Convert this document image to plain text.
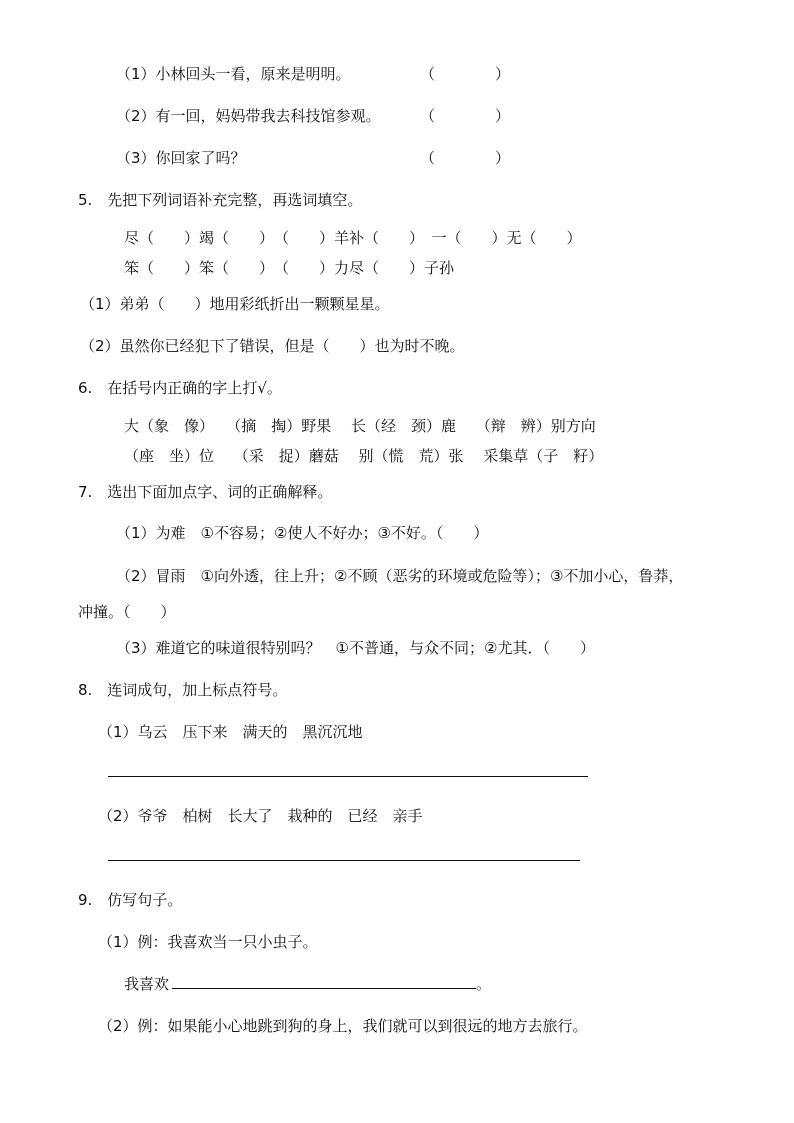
（1）小林回头一看，原来是明明。	（　　　　）
（2）有一回，妈妈带我去科技馆参观。	（　　　　）
（3）你回家了吗？	（　　　　）
5.　先把下列词语补充完整，再选词填空。
尽（　　）竭（　　）　（　　）羊补（　　）　一（　　）无（　　）
笨（　　）笨（　　）　（　　）力尽（　　）子孙
（1）弟弟（　　）地用彩纸折出一颗颗星星。
（2）虽然你已经犯下了错误，但是（　　）也为时不晚。
6.　在括号内正确的字上打√。
大（象　像）　 （摘　掏）野果　 长（经　颈）鹿　 （辩　辨）别方向
（座　坐）位　 （采　捉）蘑菇　 别（慌　荒）张　 采集草（子　籽）
7.　选出下面加点字、词的正确解释。
（1）为难　①不容易；②使人不好办；③不好。（　　）
（2）冒雨　①向外透，往上升；②不顾（恶劣的环境或危险等）；③不加小心，鲁莽，
冲撞。（　　）
（3）难道它的味道很特别吗？　①不普通，与众不同；②尤其．（　　）
8.　连词成句，加上标点符号。
（1）乌云　压下来　满天的　黑沉沉地
（2）爷爷　柏树　长大了　栽种的　已经　亲手
9.　仿写句子。
（1）例：我喜欢当一只小虫子。
我喜欢	。
（2）例：如果能小心地跳到狗的身上，我们就可以到很远的地方去旅行。
